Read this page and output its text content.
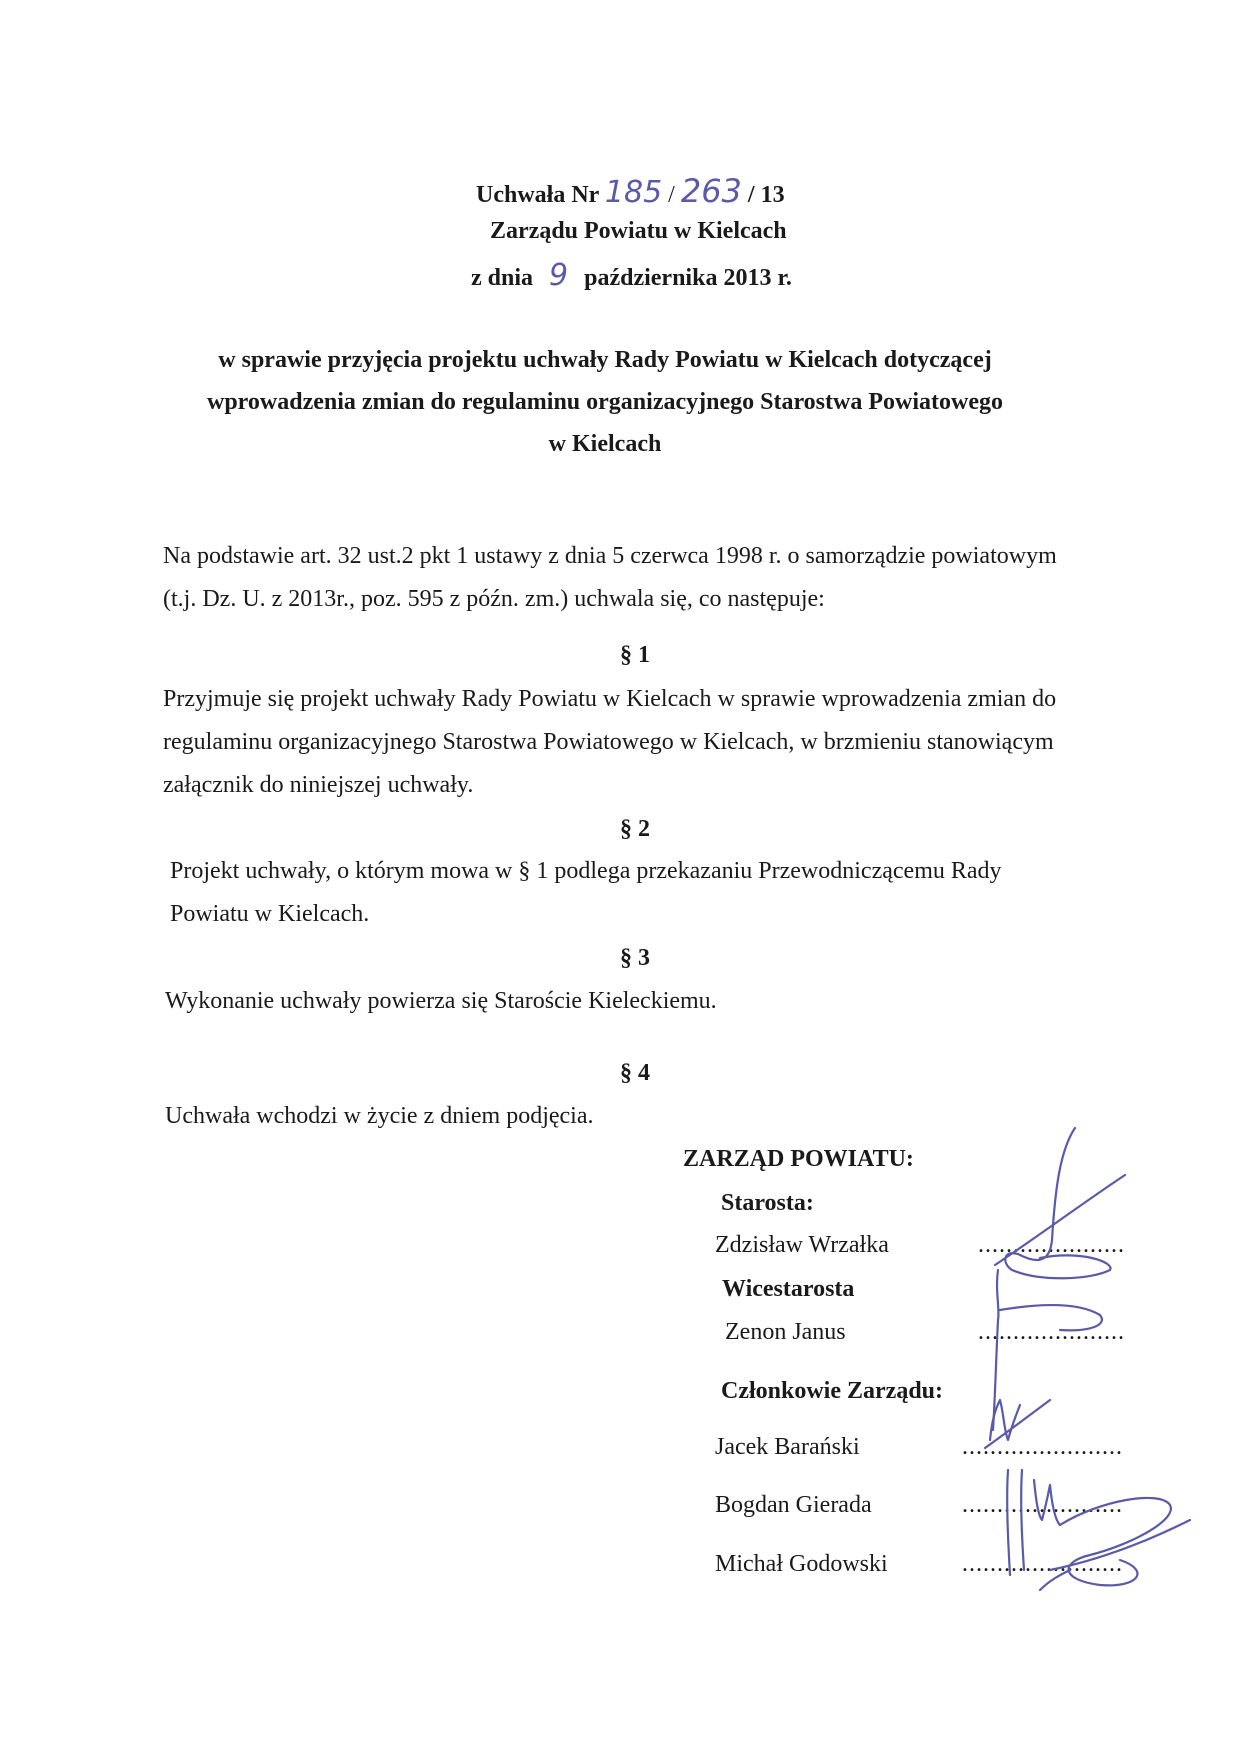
Uchwała Nr 185 / 263 / 13
Zarządu Powiatu w Kielcach
z dnia 9 października 2013 r.
w sprawie przyjęcia projektu uchwały Rady Powiatu w Kielcach dotyczącej
wprowadzenia zmian do regulaminu organizacyjnego Starostwa Powiatowego
w Kielcach
Na podstawie art. 32 ust.2 pkt 1 ustawy z dnia 5 czerwca 1998 r. o samorządzie powiatowym
(t.j. Dz. U. z 2013r., poz. 595 z późn. zm.) uchwala się, co następuje:
§ 1
Przyjmuje się projekt uchwały Rady Powiatu w Kielcach w sprawie wprowadzenia zmian do
regulaminu organizacyjnego Starostwa Powiatowego w Kielcach, w brzmieniu stanowiącym
załącznik do niniejszej uchwały.
§ 2
Projekt uchwały, o którym mowa w § 1 podlega przekazaniu Przewodniczącemu Rady
Powiatu w Kielcach.
§ 3
Wykonanie uchwały powierza się Staroście Kieleckiemu.
§ 4
Uchwała wchodzi w życie z dniem podjęcia.
ZARZĄD POWIATU:
Starosta:
Zdzisław Wrzałka	.....................
Wicestarosta
Zenon Janus	.....................
Członkowie Zarządu:
Jacek Barański	.......................
Bogdan Gierada	.......................
Michał Godowski	.......................
